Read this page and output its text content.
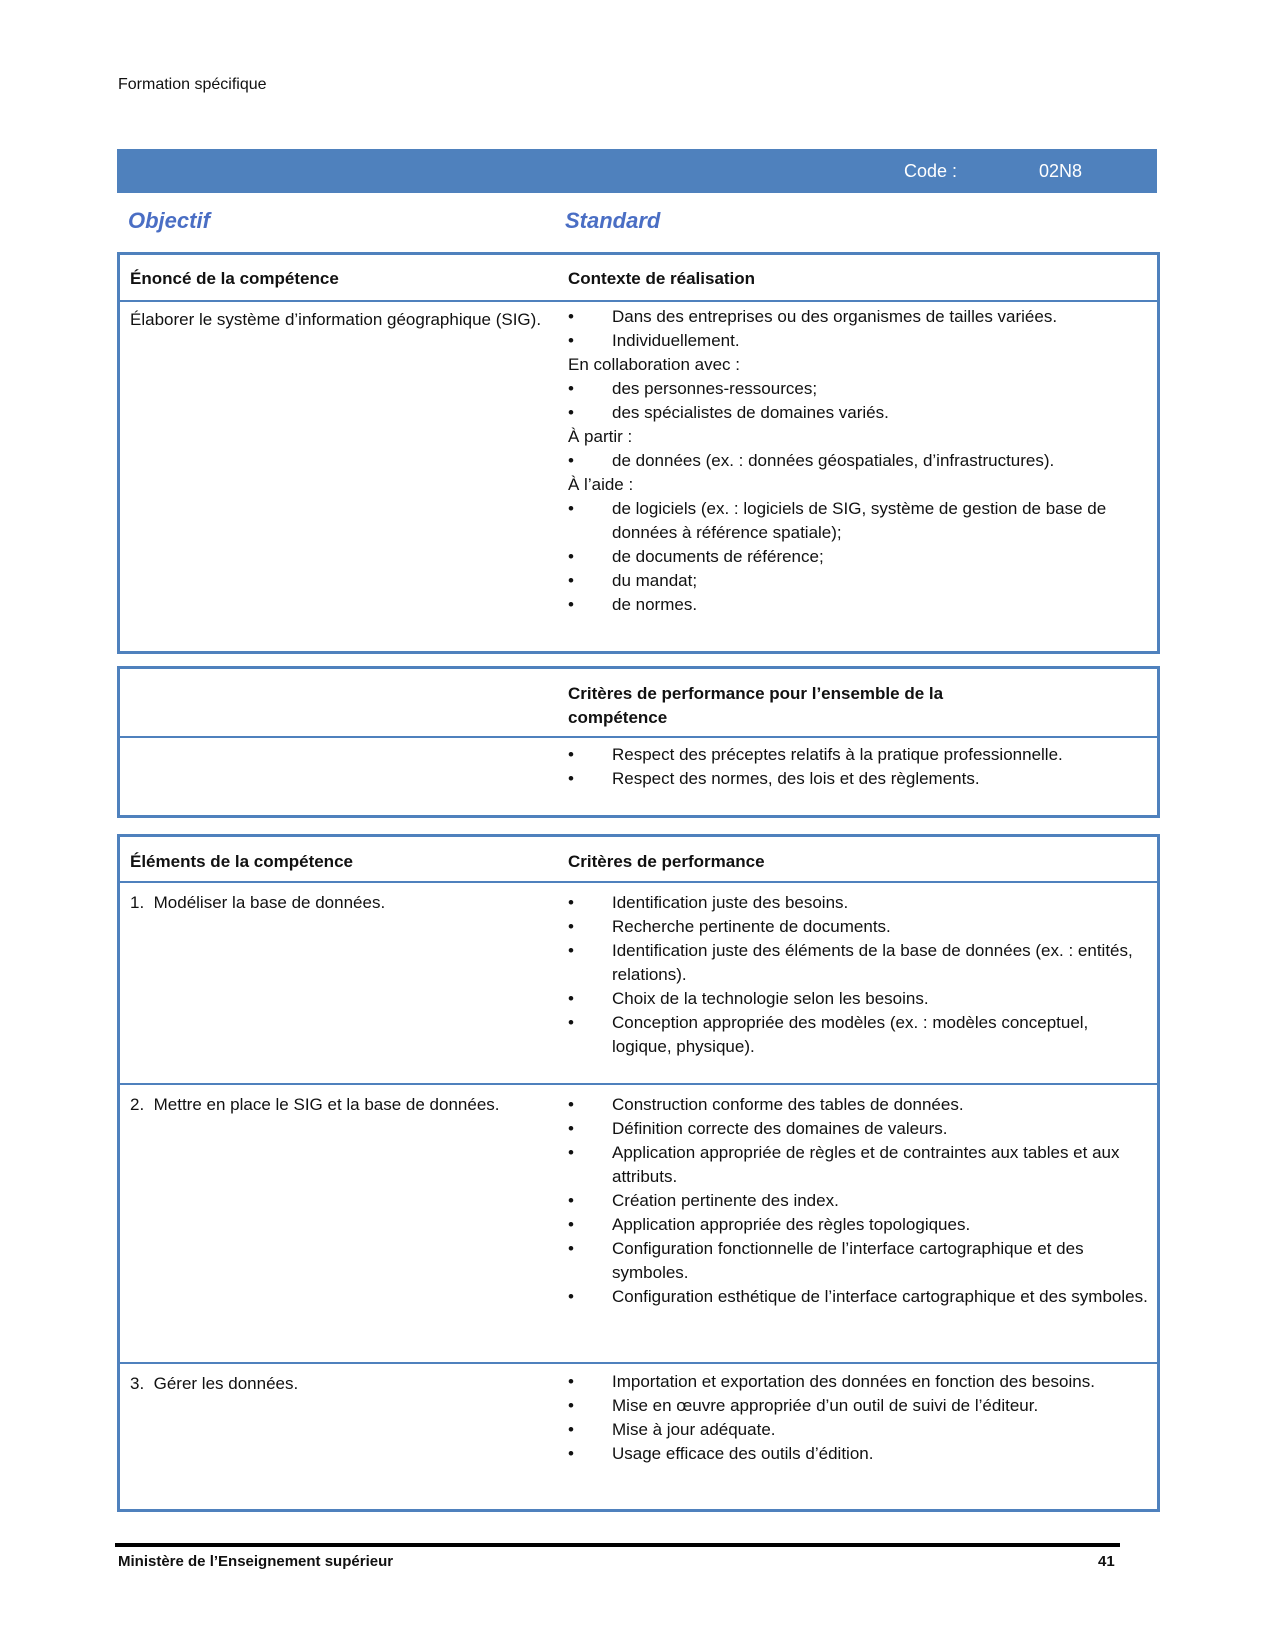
Formation spécifique
Code :	02N8
Objectif	Standard
Énoncé de la compétence	Contexte de réalisation
Élaborer le système d’information géographique (SIG).	• Dans des entreprises ou des organismes de tailles variées.
• Individuellement.
En collaboration avec :
• des personnes-ressources;
• des spécialistes de domaines variés.
À partir :
• de données (ex. : données géospatiales, d’infrastructures).
À l’aide :
• de logiciels (ex. : logiciels de SIG, système de gestion de base de données à référence spatiale);
• de documents de référence;
• du mandat;
• de normes.
Critères de performance pour l’ensemble de la compétence
• Respect des préceptes relatifs à la pratique professionnelle.
• Respect des normes, des lois et des règlements.
Éléments de la compétence	Critères de performance
1.  Modéliser la base de données.	• Identification juste des besoins.
• Recherche pertinente de documents.
• Identification juste des éléments de la base de données (ex. : entités, relations).
• Choix de la technologie selon les besoins.
• Conception appropriée des modèles (ex. : modèles conceptuel, logique, physique).
2.  Mettre en place le SIG et la base de données.	• Construction conforme des tables de données.
• Définition correcte des domaines de valeurs.
• Application appropriée de règles et de contraintes aux tables et aux attributs.
• Création pertinente des index.
• Application appropriée des règles topologiques.
• Configuration fonctionnelle de l’interface cartographique et des symboles.
• Configuration esthétique de l’interface cartographique et des symboles.
3.  Gérer les données.	• Importation et exportation des données en fonction des besoins.
• Mise en œuvre appropriée d’un outil de suivi de l’éditeur.
• Mise à jour adéquate.
• Usage efficace des outils d’édition.
Ministère de l’Enseignement supérieur	41
